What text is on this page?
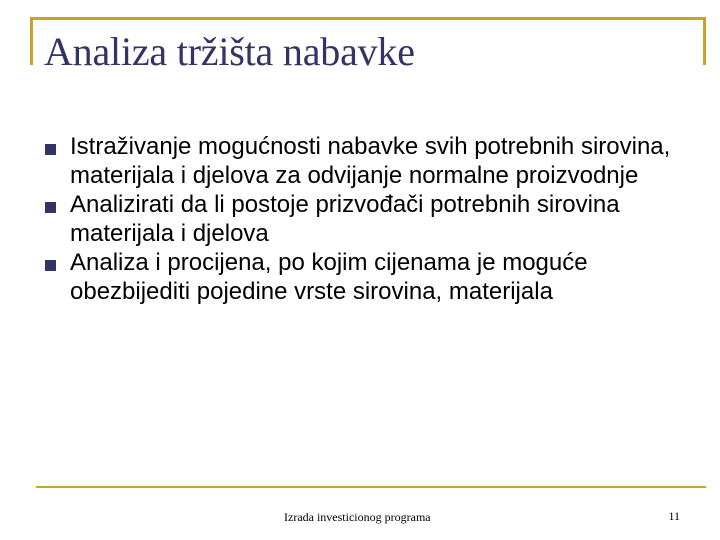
Analiza tržišta nabavke
Istraživanje mogućnosti nabavke svih potrebnih sirovina, materijala i djelova za odvijanje normalne proizvodnje
Analizirati da li postoje prizvođači potrebnih sirovina materijala i djelova
Analiza i procijena, po kojim cijenama je moguće obezbijediti pojedine vrste sirovina, materijala
Izrada investicionog programa	11
